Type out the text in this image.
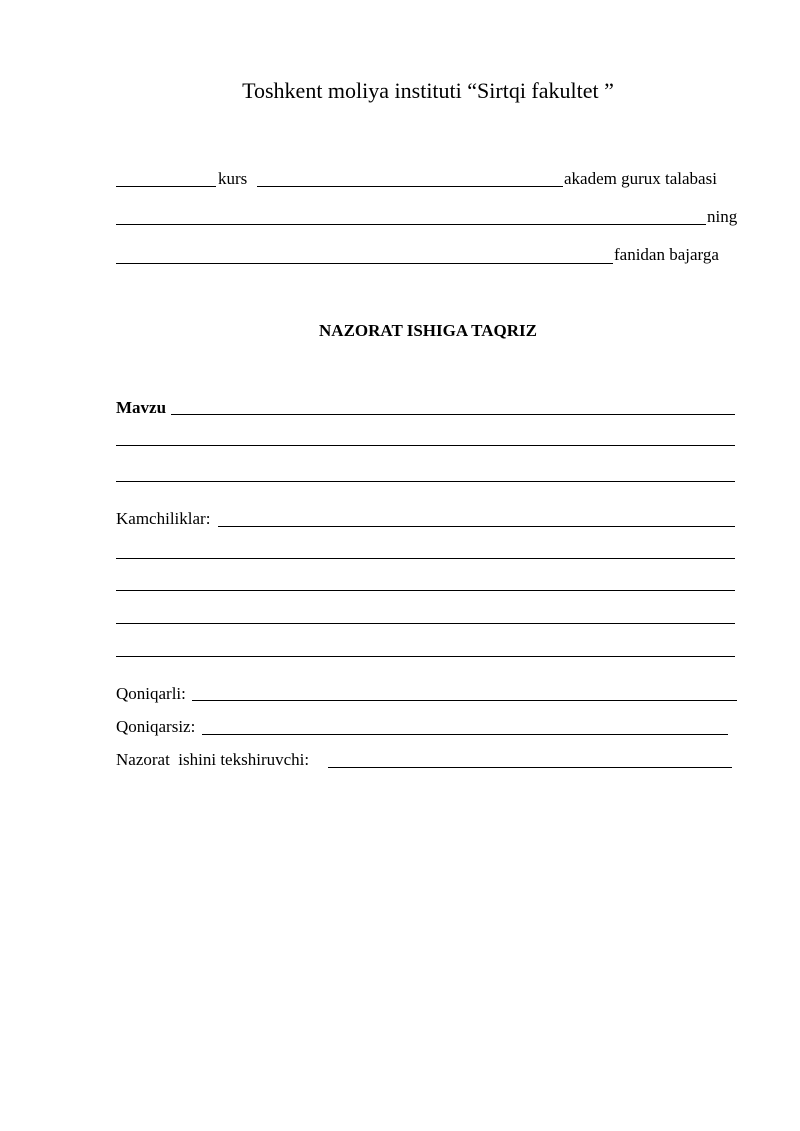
Toshkent moliya instituti “Sirtqi fakultet ”
kurs	akadem gurux talabasi
ning
fanidan bajarga
NAZORAT ISHIGA TAQRIZ
Mavzu
Kamchiliklar:
Qoniqarli:
Qoniqarsiz:
Nazorat  ishini tekshiruvchi:
